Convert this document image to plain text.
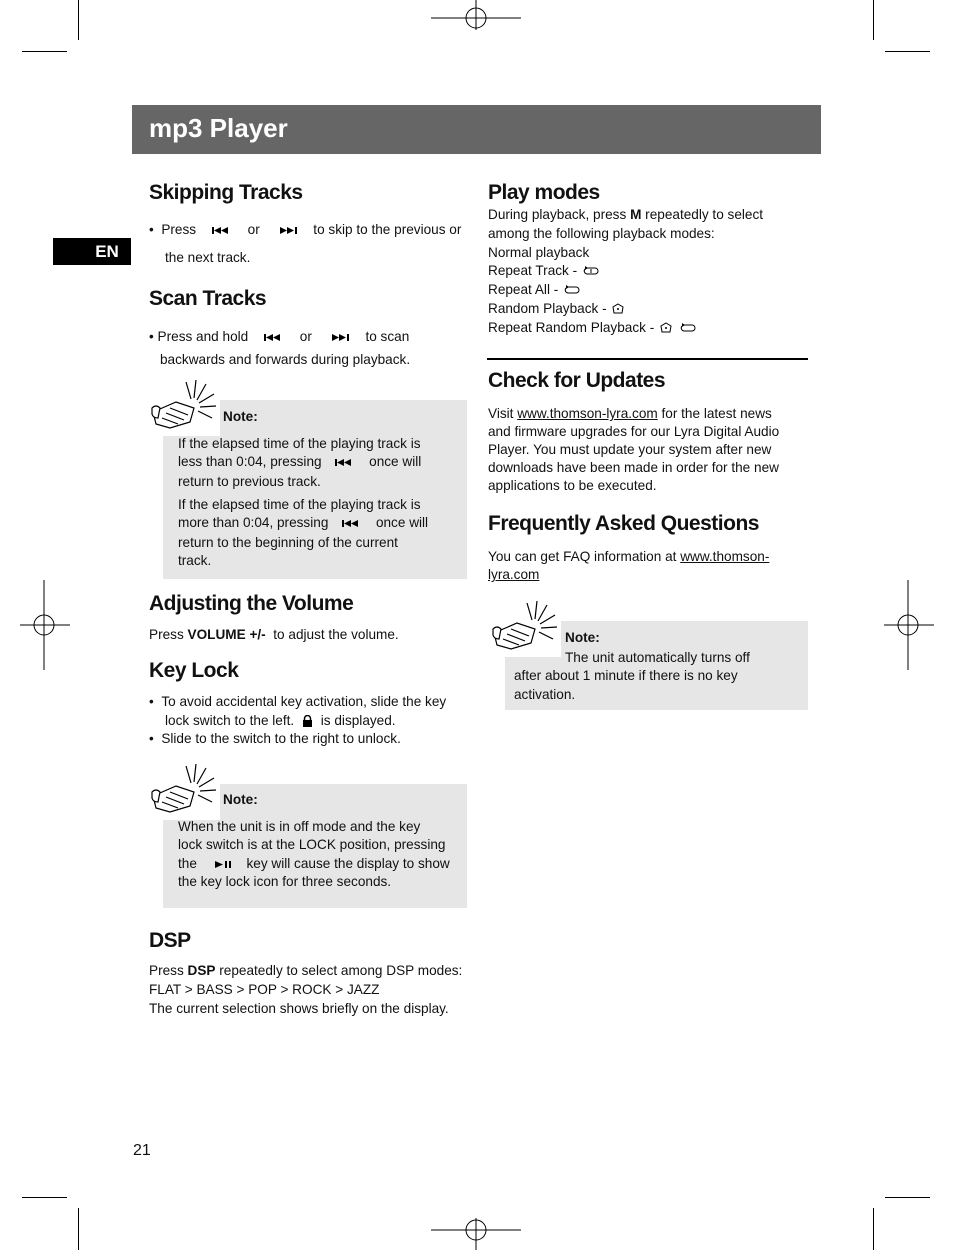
mp3 Player
EN
Skipping Tracks
•  Press	or	to skip to the previous or
the next track.
Scan Tracks
• Press and hold	or	to scan
backwards and forwards during playback.
Note:
If the elapsed time of the playing track is
less than 0:04, pressing	once will
return to previous track.
If the elapsed time of the playing track is
more than 0:04, pressing	once will
return to the beginning of the current
track.
Adjusting the Volume
Press VOLUME +/- to adjust the volume.
Key Lock
•  To avoid accidental key activation, slide the key
lock switch to the left. is displayed.
•  Slide to the switch to the right to unlock.
Note:
When the unit is in off mode and the key
lock switch is at the LOCK position, pressing
the	key will cause the display to show
the key lock icon for three seconds.
DSP
Press DSP repeatedly to select among DSP modes:
FLAT > BASS > POP > ROCK > JAZZ
The current selection shows briefly on the display.
Play modes
During playback, press M repeatedly to select
among the following playback modes:
Normal playback
Repeat Track -
Repeat All -
Random Playback -
Repeat Random Playback -

Check for Updates
Visit www.thomson-lyra.com for the latest news
and firmware upgrades for our Lyra Digital Audio
Player. You must update your system after new
downloads have been made in order for the new
applications to be executed.
Frequently Asked Questions
You can get FAQ information at www.thomson-
lyra.com
Note:
The unit automatically turns off
after about 1 minute if there is no key
activation.
21
